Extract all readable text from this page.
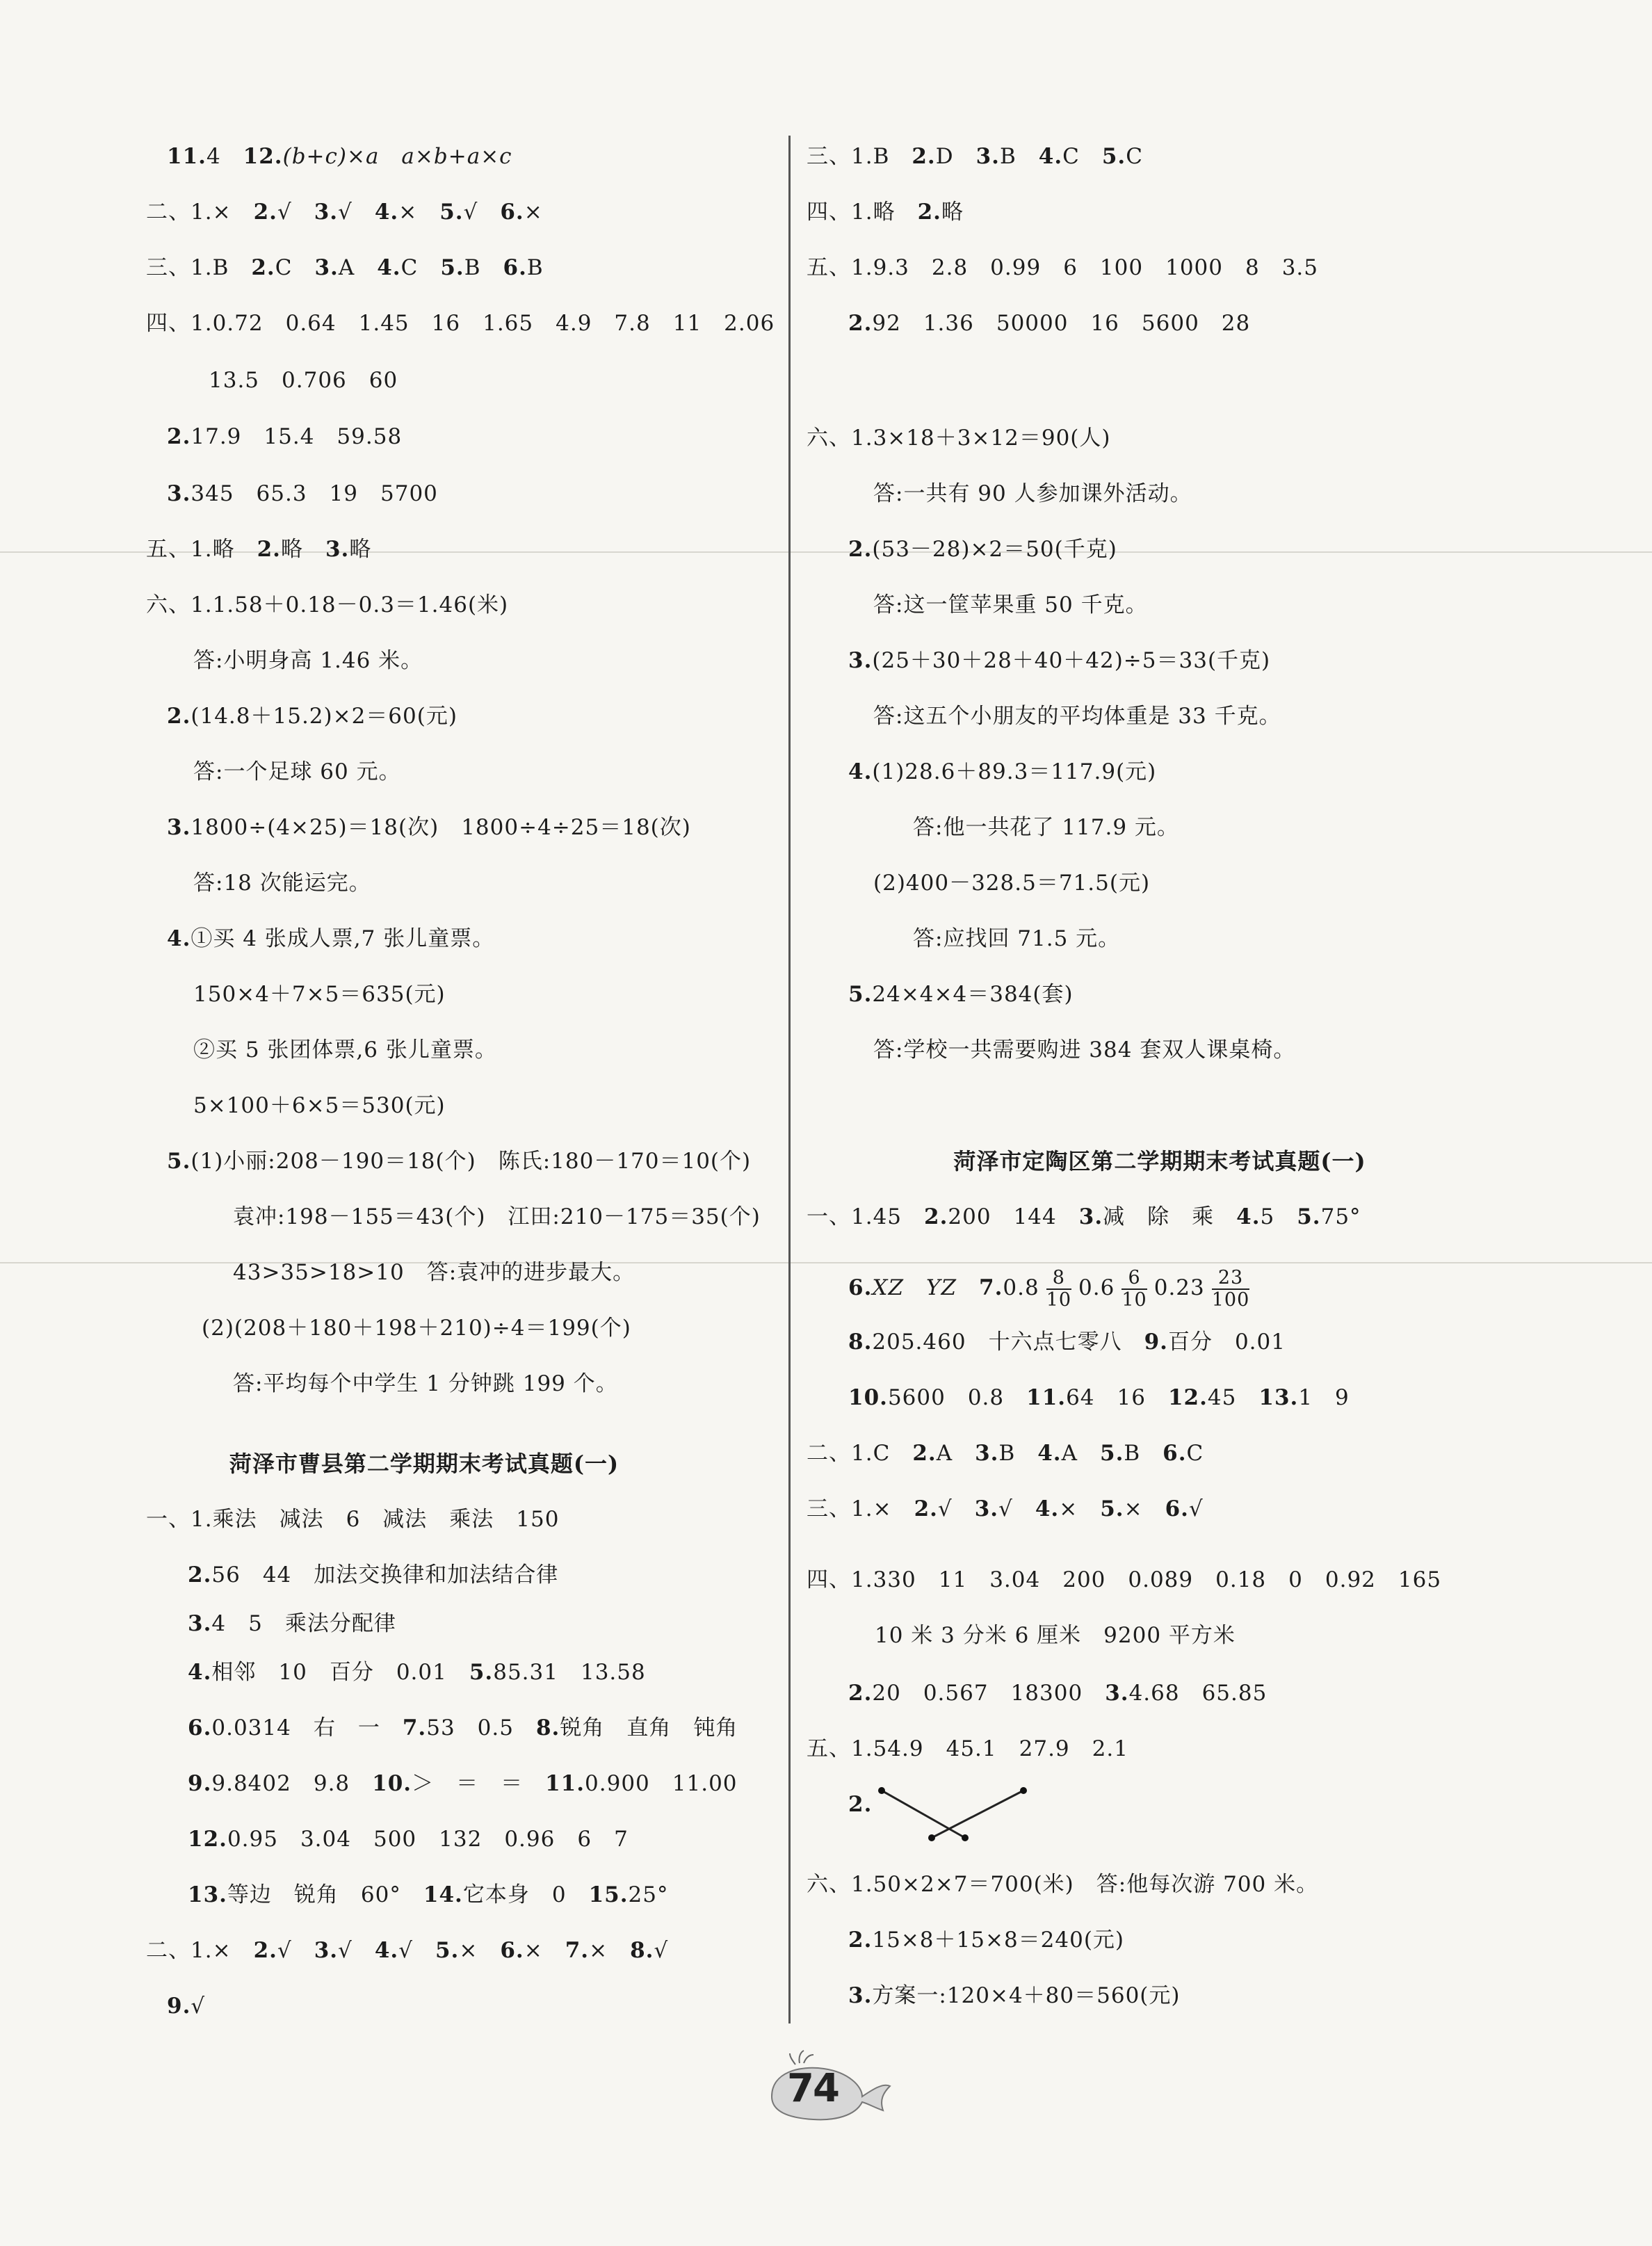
11.4　12.(b+c)×a　a×b+a×c
二、1.×　2.√　3.√　4.×　5.√　6.×
三、1.B　2.C　3.A　4.C　5.B　6.B
四、1.0.72　0.64　1.45　16　1.65　4.9　7.8　11　2.06
13.5　0.706　60
2.17.9　15.4　59.58
3.345　65.3　19　5700
五、1.略　2.略　3.略
六、1.1.58＋0.18－0.3＝1.46(米)
答:小明身高 1.46 米。
2.(14.8＋15.2)×2＝60(元)
答:一个足球 60 元。
3.1800÷(4×25)＝18(次)　1800÷4÷25＝18(次)
答:18 次能运完。
4.①买 4 张成人票,7 张儿童票。
150×4＋7×5＝635(元)
②买 5 张团体票,6 张儿童票。
5×100＋6×5＝530(元)
5.(1)小丽:208－190＝18(个)　陈氏:180－170＝10(个)
袁冲:198－155＝43(个)　江田:210－175＝35(个)
43>35>18>10　答:袁冲的进步最大。
(2)(208＋180＋198＋210)÷4＝199(个)
答:平均每个中学生 1 分钟跳 199 个。
菏泽市曹县第二学期期末考试真题(一)
一、1.乘法　减法　6　减法　乘法　150
2.56　44　加法交换律和加法结合律
3.4　5　乘法分配律
4.相邻　10　百分　0.01　5.85.31　13.58
6.0.0314　右　一　7.53　0.5　8.锐角　直角　钝角
9.9.8402　9.8　10.＞　＝　＝　11.0.900　11.00
12.0.95　3.04　500　132　0.96　6　7
13.等边　锐角　60°　14.它本身　0　15.25°
二、1.×　2.√　3.√　4.√　5.×　6.×　7.×　8.√
9.√
三、1.B　2.D　3.B　4.C　5.C
四、1.略　2.略
五、1.9.3　2.8　0.99　6　100　1000　8　3.5
2.92　1.36　50000　16　5600　28
六、1.3×18＋3×12＝90(人)
答:一共有 90 人参加课外活动。
2.(53－28)×2＝50(千克)
答:这一筐苹果重 50 千克。
3.(25＋30＋28＋40＋42)÷5＝33(千克)
答:这五个小朋友的平均体重是 33 千克。
4.(1)28.6＋89.3＝117.9(元)
答:他一共花了 117.9 元。
(2)400－328.5＝71.5(元)
答:应找回 71.5 元。
5.24×4×4＝384(套)
答:学校一共需要购进 384 套双人课桌椅。
菏泽市定陶区第二学期期末考试真题(一)
一、1.45　2.200　144　3.减　除　乘　4.5　5.75°
6.XZ　YZ　$7.0.8 \frac{8}{10} 0.6 \frac{6}{10} 0.23 \frac{23}{100}$
8.205.460　十六点七零八　9.百分　0.01
10.5600　0.8　11.64　16　12.45　13.1　9
二、1.C　2.A　3.B　4.A　5.B　6.C
三、1.×　2.√　3.√　4.×　5.×　6.√
四、1.330　11　3.04　200　0.089　0.18　0　0.92　165
10 米 3 分米 6 厘米　9200 平方米
2.20　0.567　18300　3.4.68　65.85
五、1.54.9　45.1　27.9　2.1
2.
六、1.50×2×7＝700(米)　答:他每次游 700 米。
2.15×8＋15×8＝240(元)
3.方案一:120×4＋80＝560(元)
74
